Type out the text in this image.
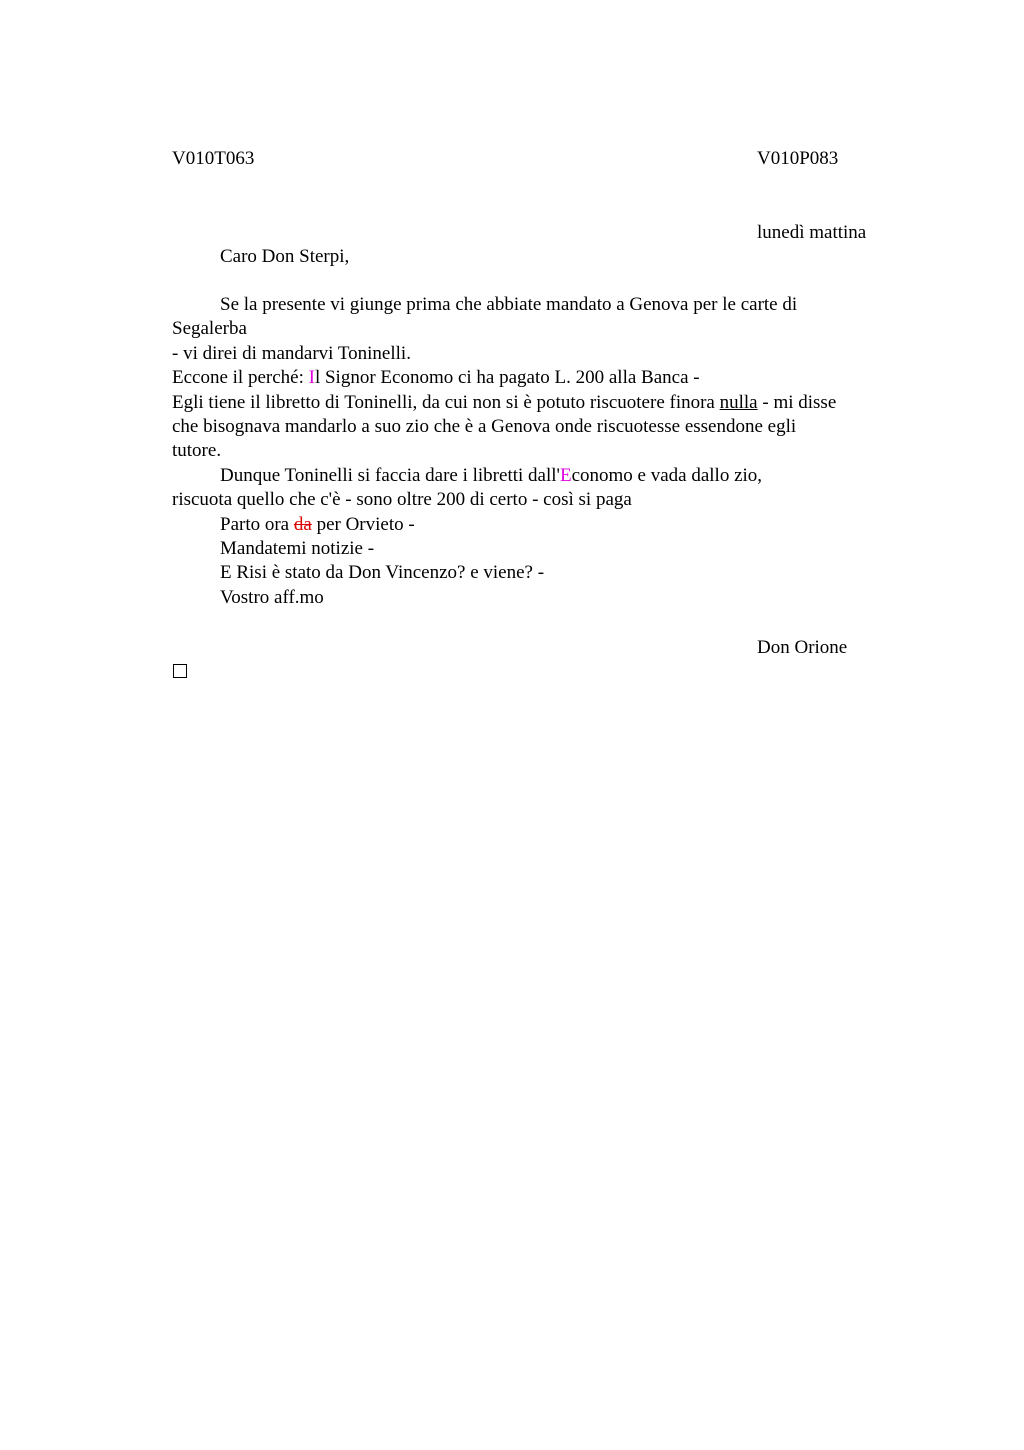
V010T063	V010P083
lunedì mattina
Caro Don Sterpi,
Se la presente vi giunge prima che abbiate mandato a Genova per le carte di
Segalerba
- vi direi di mandarvi Toninelli.
Eccone il perché: Il Signor Economo ci ha pagato L. 200 alla Banca -
Egli tiene il libretto di Toninelli, da cui non si è potuto riscuotere finora nulla - mi disse
che bisognava mandarlo a suo zio che è a Genova onde riscuotesse essendone egli
tutore.
Dunque Toninelli si faccia dare i libretti dall'Economo e vada dallo zio,
riscuota quello che c'è - sono oltre 200 di certo - così si paga
Parto ora da per Orvieto -
Mandatemi notizie -
E Risi è stato da Don Vincenzo? e viene? -
Vostro aff.mo
Don Orione
